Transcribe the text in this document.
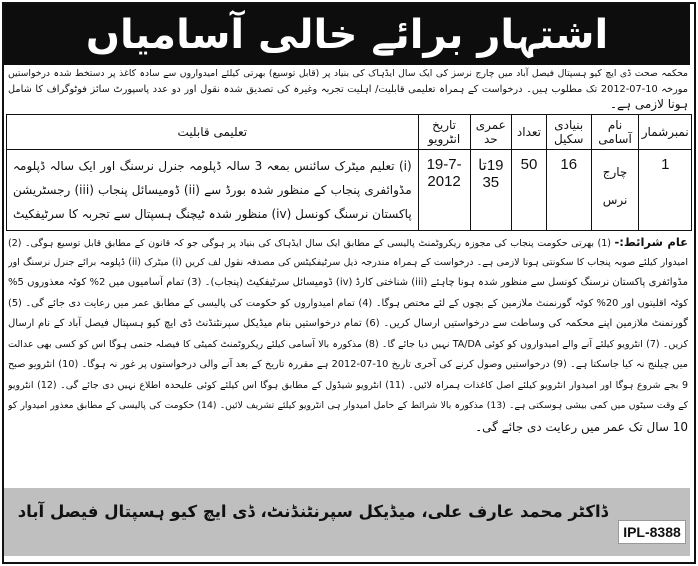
اشتہار برائے خالی آسامیاں
محکمہ صحت ڈی ایچ کیو ہسپتال فیصل آباد میں چارج نرسز کی ایک سال ایڈہاک کی بنیاد پر (قابل توسیع) بھرتی کیلئے امیدواروں سے سادہ کاغذ پر دستخط شدہ درخواستیں
مورخہ 10-07-2012 تک مطلوب ہیں۔ درخواست کے ہمراہ تعلیمی قابلیت/ اہلیت تجربہ وغیرہ کی تصدیق شدہ نقول اور دو عدد پاسپورٹ سائز فوٹوگراف کا شامل
ہونا لازمی ہے۔
نمبرشمار	نام آسامی	بنیادی سکیل	تعداد	عمری حد	تاریخ انٹرویو	تعلیمی قابلیت
1	چارج نرس	16	50	19تا 35	19-7-2012	(i) تعلیم میٹرک سائنس بمعہ 3 سالہ ڈپلومہ جنرل نرسنگ اور ایک سالہ ڈپلومہ
مڈوائفری پنجاب کے منظور شدہ بورڈ سے (ii) ڈومیسائل پنجاب (iii) رجسٹریشن
پاکستان نرسنگ کونسل (iv) منظور شدہ ٹیچنگ ہسپتال سے تجربہ کا سرٹیفکیٹ
عام شرائط:- (1) بھرتی حکومت پنجاب کی مجوزہ ریکروٹمنٹ پالیسی کے مطابق ایک سال ایڈہاک کی بنیاد پر ہوگی جو کہ قانون کے مطابق قابل توسیع ہوگی۔ (2)
امیدوار کیلئے صوبہ پنجاب کا سکونتی ہونا لازمی ہے۔ درخواست کے ہمراہ مندرجہ ذیل سرٹیفکیٹس کی مصدقہ نقول لف کریں (i) میٹرک (ii) ڈپلومہ برائے جنرل نرسنگ اور
مڈوائفری پاکستان نرسنگ کونسل سے منظور شدہ ہونا چاہئے (iii) شناختی کارڈ (iv) ڈومیسائل سرٹیفکیٹ (پنجاب)۔ (3) تمام آسامیوں میں 2% کوٹہ معذوروں 5%
کوٹہ اقلیتوں اور 20% کوٹہ گورنمنٹ ملازمین کے بچوں کے لئے مختص ہوگا۔ (4) تمام امیدواروں کو حکومت کی پالیسی کے مطابق عمر میں رعایت دی جائے گی۔ (5)
گورنمنٹ ملازمین اپنے محکمہ کی وساطت سے درخواستیں ارسال کریں۔ (6) تمام درخواستیں بنام میڈیکل سپرنٹنڈنٹ ڈی ایچ کیو ہسپتال فیصل آباد کے نام ارسال
کریں۔ (7) انٹرویو کیلئے آنے والے امیدواروں کو کوئی TA/DA نہیں دیا جائے گا۔ (8) مذکورہ بالا آسامی کیلئے ریکروٹمنٹ کمیٹی کا فیصلہ حتمی ہوگا اس کو کسی بھی عدالت
میں چیلنج نہ کیا جاسکتا ہے۔ (9) درخواستیں وصول کرنے کی آخری تاریخ 10-07-2012 ہے مقررہ تاریخ کے بعد آنے والی درخواستوں پر غور نہ ہوگا۔ (10) انٹرویو صبح
9 بجے شروع ہوگا اور امیدوار انٹرویو کیلئے اصل کاغذات ہمراہ لائیں۔ (11) انٹرویو شیڈول کے مطابق ہوگا اس کیلئے کوئی علیحدہ اطلاع نہیں دی جائے گی۔ (12) انٹرویو
کے وقت سیٹوں میں کمی بیشی ہوسکتی ہے۔ (13) مذکورہ بالا شرائط کے حامل امیدوار ہی انٹرویو کیلئے تشریف لائیں۔ (14) حکومت کی پالیسی کے مطابق معذور امیدوار کو
10 سال تک عمر میں رعایت دی جائے گی۔
ڈاکٹر محمد عارف علی، میڈیکل سپرنٹنڈنٹ، ڈی ایچ کیو ہسپتال فیصل آباد
IPL-8388
